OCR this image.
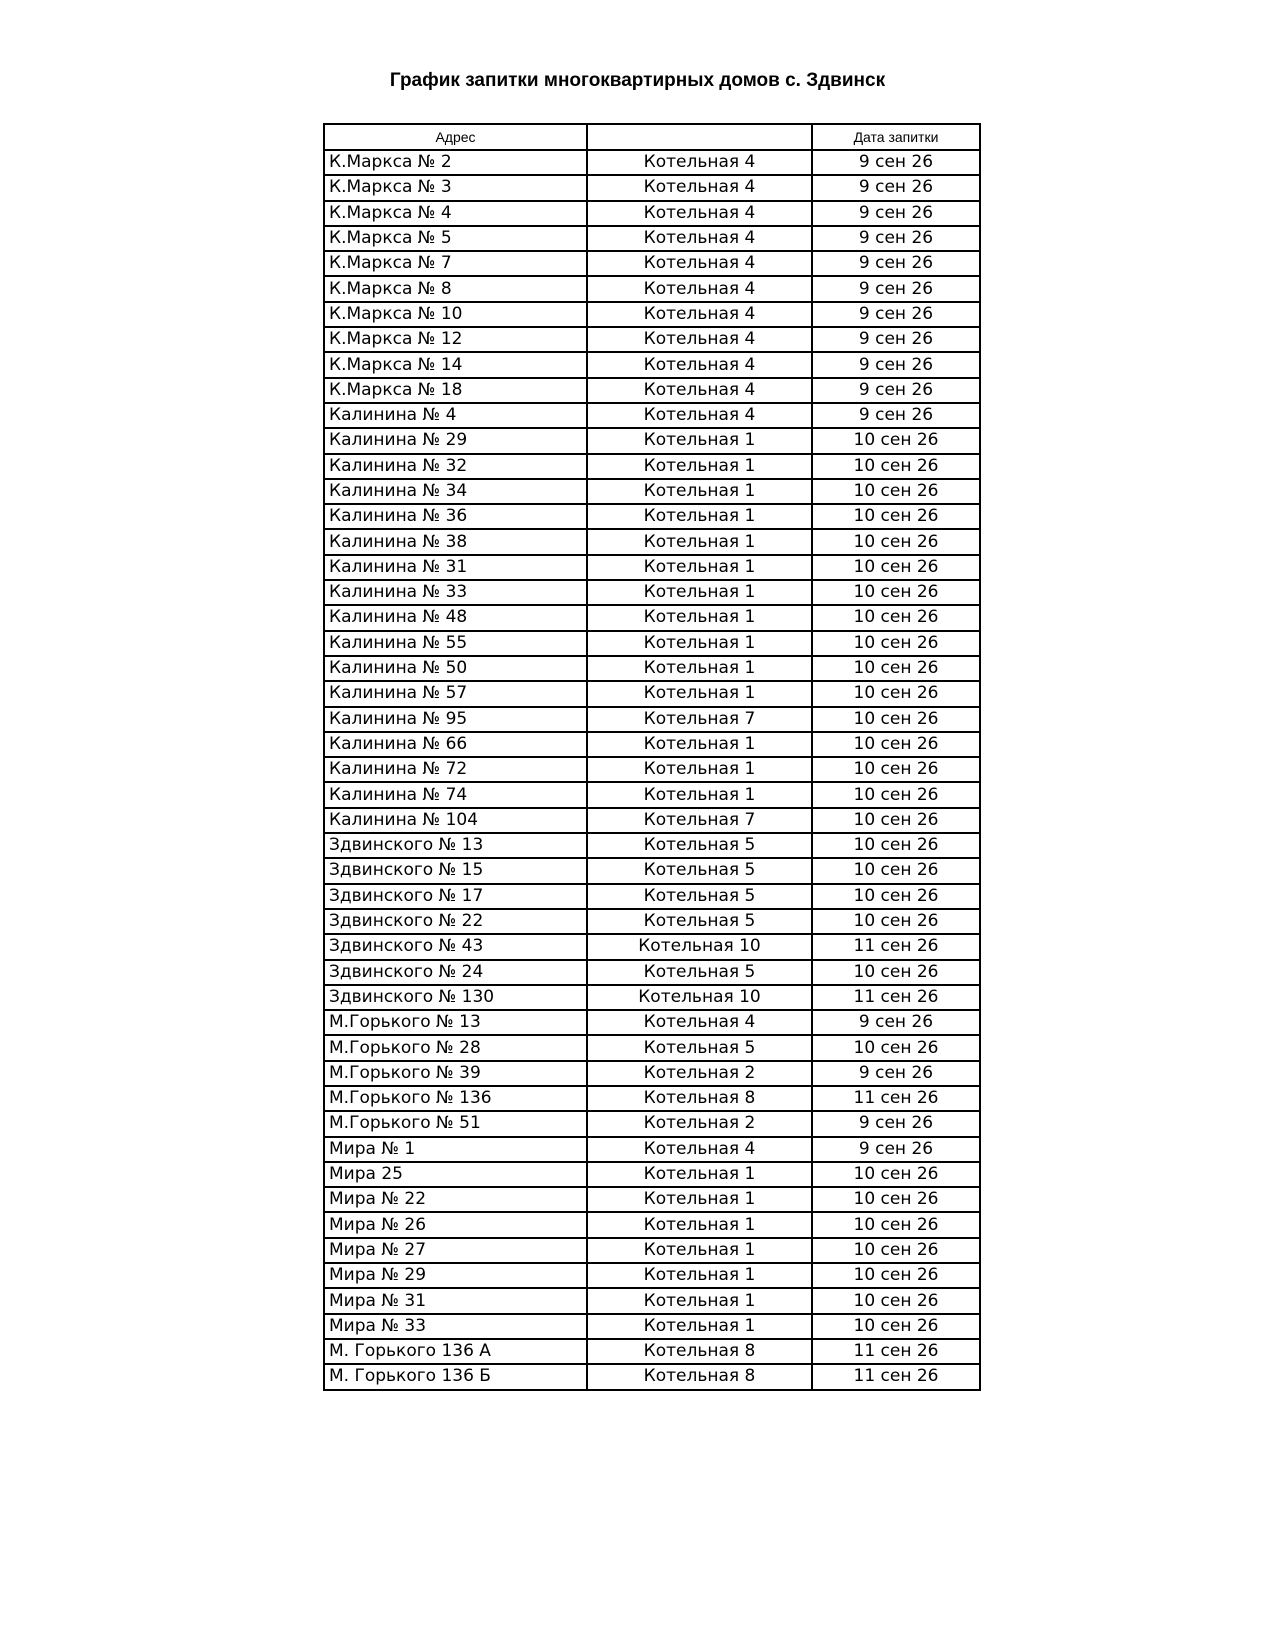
График запитки многоквартирных домов с. Здвинск
Адрес		Дата запитки
К.Маркса № 2	Котельная 4	9 сен 26
К.Маркса № 3	Котельная 4	9 сен 26
К.Маркса № 4	Котельная 4	9 сен 26
К.Маркса № 5	Котельная 4	9 сен 26
К.Маркса № 7	Котельная 4	9 сен 26
К.Маркса № 8	Котельная 4	9 сен 26
К.Маркса № 10	Котельная 4	9 сен 26
К.Маркса № 12	Котельная 4	9 сен 26
К.Маркса № 14	Котельная 4	9 сен 26
К.Маркса № 18	Котельная 4	9 сен 26
Калинина № 4	Котельная 4	9 сен 26
Калинина № 29	Котельная 1	10 сен 26
Калинина № 32	Котельная 1	10 сен 26
Калинина № 34	Котельная 1	10 сен 26
Калинина № 36	Котельная 1	10 сен 26
Калинина № 38	Котельная 1	10 сен 26
Калинина № 31	Котельная 1	10 сен 26
Калинина № 33	Котельная 1	10 сен 26
Калинина № 48	Котельная 1	10 сен 26
Калинина № 55	Котельная 1	10 сен 26
Калинина № 50	Котельная 1	10 сен 26
Калинина № 57	Котельная 1	10 сен 26
Калинина № 95	Котельная 7	10 сен 26
Калинина № 66	Котельная 1	10 сен 26
Калинина № 72	Котельная 1	10 сен 26
Калинина № 74	Котельная 1	10 сен 26
Калинина № 104	Котельная 7	10 сен 26
Здвинского № 13	Котельная 5	10 сен 26
Здвинского № 15	Котельная 5	10 сен 26
Здвинского № 17	Котельная 5	10 сен 26
Здвинского № 22	Котельная 5	10 сен 26
Здвинского № 43	Котельная 10	11 сен 26
Здвинского № 24	Котельная 5	10 сен 26
Здвинского № 130	Котельная 10	11 сен 26
М.Горького № 13	Котельная 4	9 сен 26
М.Горького № 28	Котельная 5	10 сен 26
М.Горького № 39	Котельная 2	9 сен 26
М.Горького № 136	Котельная 8	11 сен 26
М.Горького № 51	Котельная 2	9 сен 26
Мира № 1	Котельная 4	9 сен 26
Мира 25	Котельная 1	10 сен 26
Мира № 22	Котельная 1	10 сен 26
Мира № 26	Котельная 1	10 сен 26
Мира № 27	Котельная 1	10 сен 26
Мира № 29	Котельная 1	10 сен 26
Мира № 31	Котельная 1	10 сен 26
Мира № 33	Котельная 1	10 сен 26
М. Горького 136 А	Котельная 8	11 сен 26
М. Горького 136 Б	Котельная 8	11 сен 26
